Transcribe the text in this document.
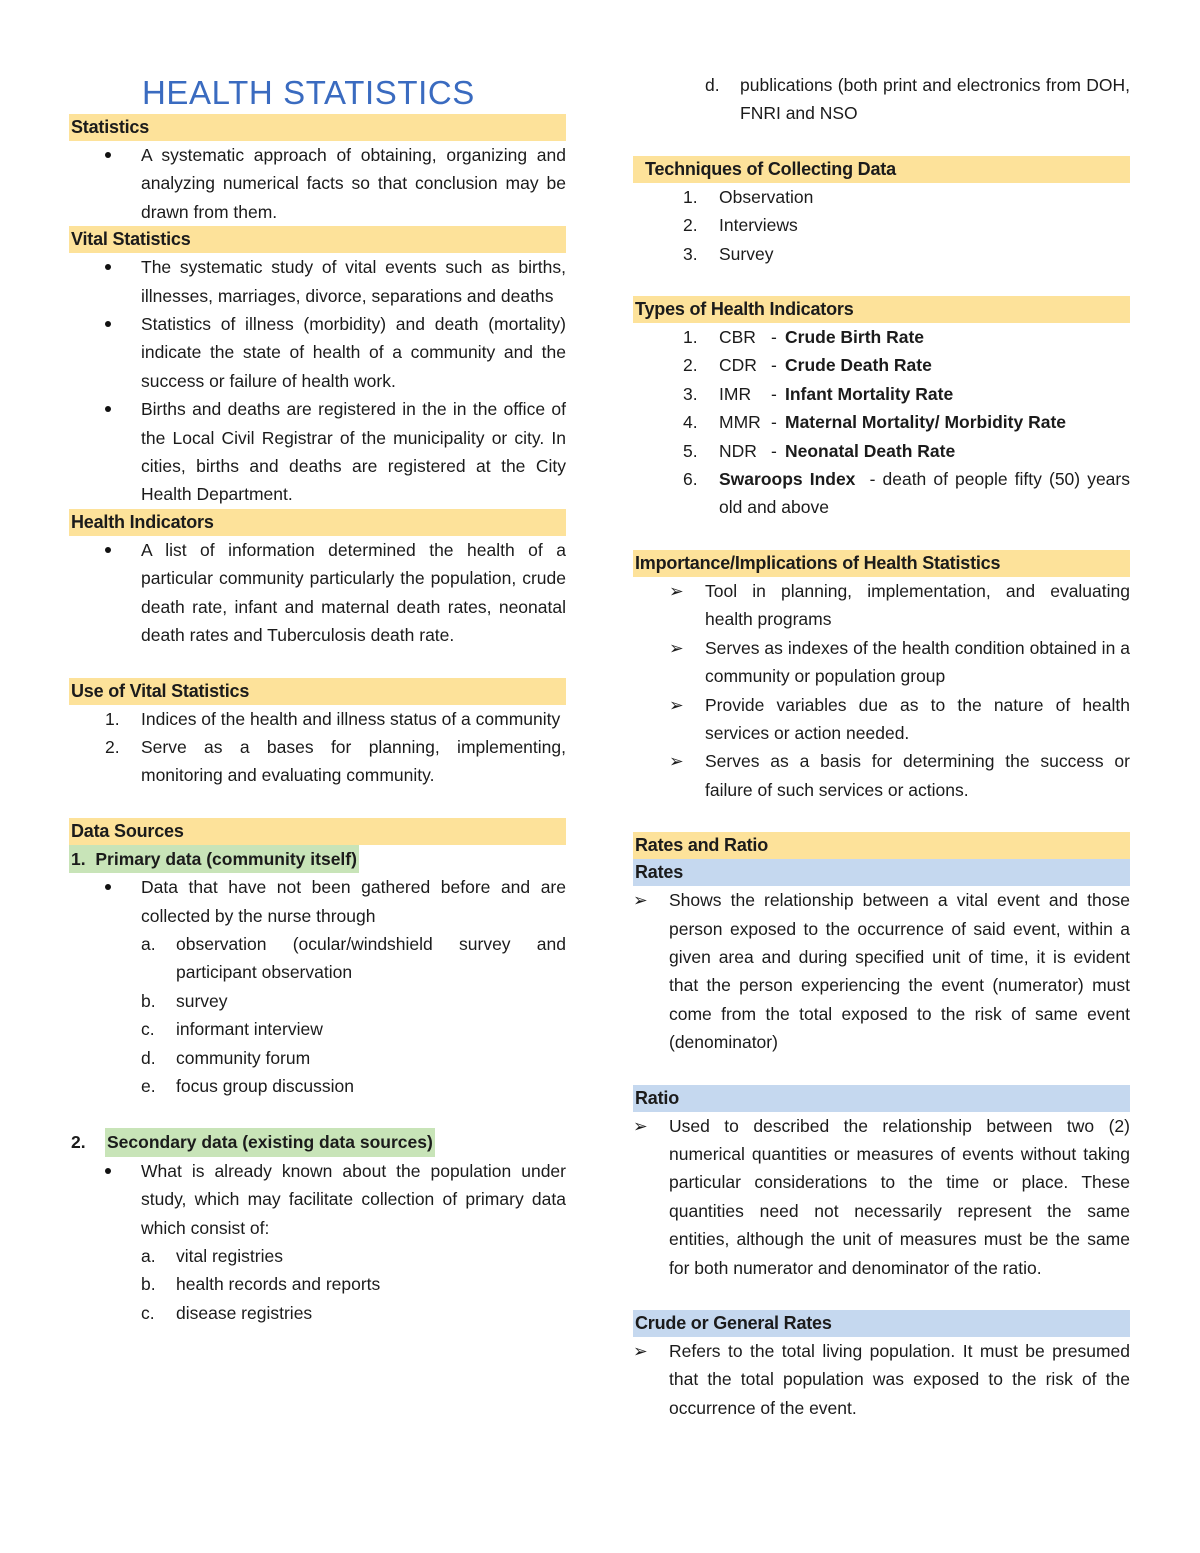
HEALTH STATISTICS
Statistics
A systematic approach of obtaining, organizing and analyzing numerical facts so that conclusion may be drawn from them.
Vital Statistics
The systematic study of vital events such as births, illnesses, marriages, divorce, separations and deaths
Statistics of illness (morbidity) and death (mortality) indicate the state of health of a community and the success or failure of health work.
Births and deaths are registered in the in the office of the Local Civil Registrar of the municipality or city. In cities, births and deaths are registered at the City Health Department.
Health Indicators
A list of information determined the health of a particular community particularly the population, crude death rate, infant and maternal death rates, neonatal death rates and Tuberculosis death rate.
Use of Vital Statistics
1. Indices of the health and illness status of a community
2. Serve as a bases for planning, implementing, monitoring and evaluating community.
Data Sources
1. Primary data (community itself)
Data that have not been gathered before and are collected by the nurse through
a. observation (ocular/windshield survey and participant observation
b. survey
c. informant interview
d. community forum
e. focus group discussion
2. Secondary data (existing data sources)
What is already known about the population under study, which may facilitate collection of primary data which consist of:
a. vital registries
b. health records and reports
c. disease registries
d. publications (both print and electronics from DOH, FNRI and NSO
Techniques of Collecting Data
1. Observation
2. Interviews
3. Survey
Types of Health Indicators
1. CBR - Crude Birth Rate
2. CDR - Crude Death Rate
3. IMR - Infant Mortality Rate
4. MMR - Maternal Mortality/ Morbidity Rate
5. NDR - Neonatal Death Rate
6. Swaroops Index  - death of people fifty (50) years old and above
Importance/Implications of Health Statistics
➢ Tool in planning, implementation, and evaluating health programs
➢ Serves as indexes of the health condition obtained in a community or population group
➢ Provide variables due as to the nature of health services or action needed.
➢ Serves as a basis for determining the success or failure of such services or actions.
Rates and Ratio
Rates
➢ Shows the relationship between a vital event and those person exposed to the occurrence of said event, within a given area and during specified unit of time, it is evident that the person experiencing the event (numerator) must come from the total exposed to the risk of same event (denominator)
Ratio
➢ Used to described the relationship between two (2) numerical quantities or measures of events without taking particular considerations to the time or place. These quantities need not necessarily represent the same entities, although the unit of measures must be the same for both numerator and denominator of the ratio.
Crude or General Rates
➢ Refers to the total living population. It must be presumed that the total population was exposed to the risk of the occurrence of the event.
